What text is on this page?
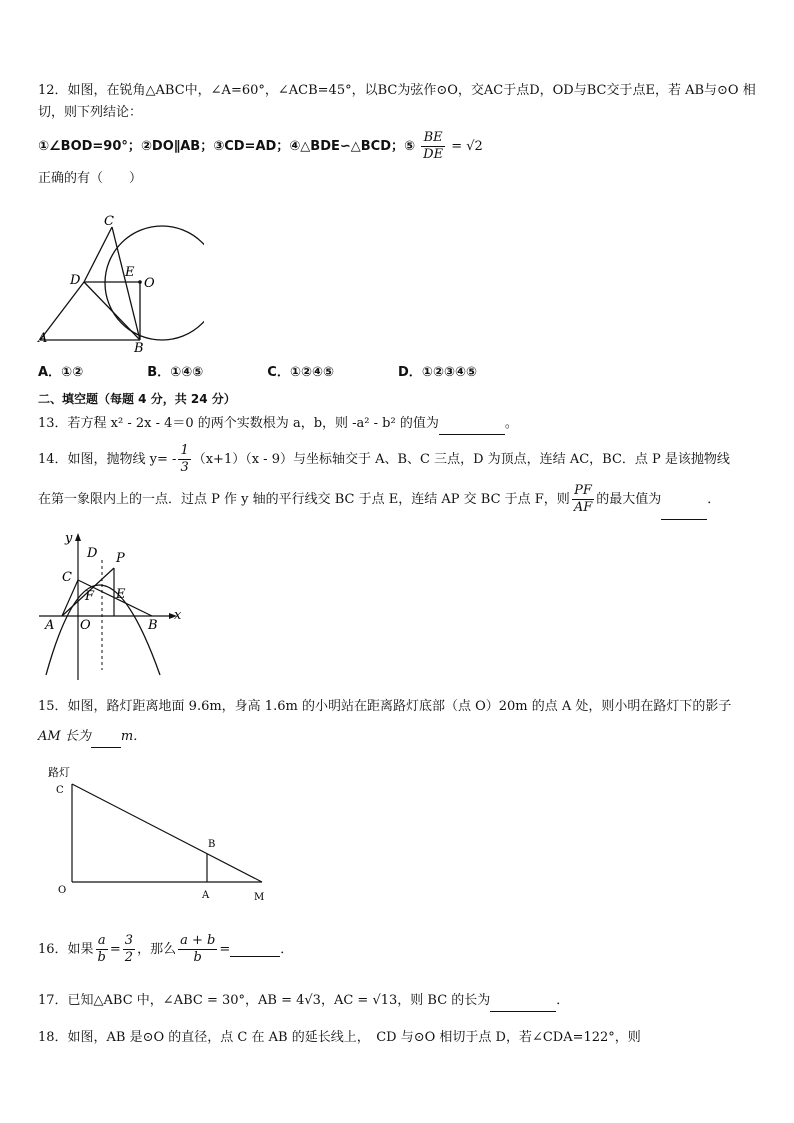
12．如图，在锐角△ABC中，∠A=60°，∠ACB=45°，以BC为弦作⊙O，交AC于点D，OD与BC交于点E，若 AB与⊙O 相
切，则下列结论：
①∠BOD=90°；②DO∥AB；③CD=AD；④△BDE∽△BCD；⑤ $\frac{BE}{DE} = √2$
正确的有（　　）
C
D
E
O
A
B
A．①②	B．①④⑤	C．①②④⑤	D．①②③④⑤
二、填空题（每题 4 分，共 24 分）
13．若方程 x² - 2x - 4＝0 的两个实数根为 a，b，则 -a² - b² 的值为	。
14．如图，抛物线 $y= - \frac{1}{3} (x+1)(x - 9)$与坐标轴交于 A、B、C 三点，D 为顶点，连结 AC，BC．点 P 是该抛物线
在第一象限内上的一点．过点 P 作 y 轴的平行线交 BC 于点 E，连结 AP 交 BC 于点 F，则 $\frac{PF}{AF}$ 的最大值为	．
y
x
D P
C
F E
A O	B
15．如图，路灯距离地面 9.6m，身高 1.6m 的小明站在距离路灯底部（点 O）20m 的点 A 处，则小明在路灯下的影子
AM 长为 m．
路灯
C
B
O	A	M
16．如果 $\frac{a}{b} = \frac{3}{2}$ ，那么 $\frac{a + b}{b}$ =	．
17．已知△ABC 中，∠ABC = 30°，AB = 4√3，AC = √13，则 BC 的长为	．
18．如图，AB 是⊙O 的直径，点 C 在 AB 的延长线上，　CD 与⊙O 相切于点 D，若∠CDA=122°，则
